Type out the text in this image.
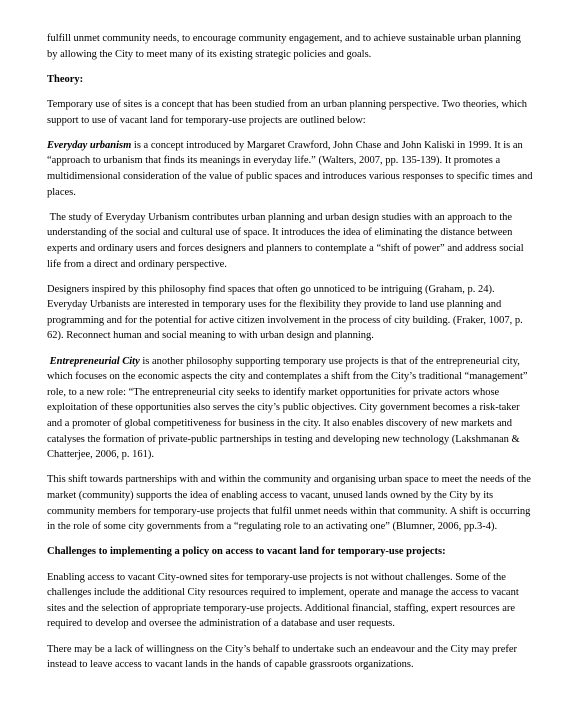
fulfill unmet community needs, to encourage community engagement, and to achieve sustainable urban planning by allowing the City to meet many of its existing strategic policies and goals.

Theory:

Temporary use of sites is a concept that has been studied from an urban planning perspective. Two theories, which support to use of vacant land for temporary-use projects are outlined below:

Everyday urbanism is a concept introduced by Margaret Crawford, John Chase and John Kaliski in 1999. It is an “approach to urbanism that finds its meanings in everyday life.” (Walters, 2007, pp. 135-139). It promotes a multidimensional consideration of the value of public spaces and introduces various responses to specific times and places.

The study of Everyday Urbanism contributes urban planning and urban design studies with an approach to the understanding of the social and cultural use of space. It introduces the idea of eliminating the distance between experts and ordinary users and forces designers and planners to contemplate a “shift of power” and address social life from a direct and ordinary perspective.

Designers inspired by this philosophy find spaces that often go unnoticed to be intriguing (Graham, p. 24). Everyday Urbanists are interested in temporary uses for the flexibility they provide to land use planning and programming and for the potential for active citizen involvement in the process of city building. (Fraker, 1007, p. 62). Reconnect human and social meaning to with urban design and planning.

Entrepreneurial City is another philosophy supporting temporary use projects is that of the entrepreneurial city, which focuses on the economic aspects the city and contemplates a shift from the City’s traditional “management” role, to a new role: “The entrepreneurial city seeks to identify market opportunities for private actors whose exploitation of these opportunities also serves the city’s public objectives. City government becomes a risk-taker and a promoter of global competitiveness for business in the city. It also enables discovery of new markets and catalyses the formation of private-public partnerships in testing and developing new technology (Lakshmanan & Chatterjee, 2006, p. 161).

This shift towards partnerships with and within the community and organising urban space to meet the needs of the market (community) supports the idea of enabling access to vacant, unused lands owned by the City by its community members for temporary-use projects that fulfil unmet needs within that community. A shift is occurring in the role of some city governments from a “regulating role to an activating one” (Blumner, 2006, pp.3-4).

Challenges to implementing a policy on access to vacant land for temporary-use projects:

Enabling access to vacant City-owned sites for temporary-use projects is not without challenges. Some of the challenges include the additional City resources required to implement, operate and manage the access to vacant sites and the selection of appropriate temporary-use projects. Additional financial, staffing, expert resources are required to develop and oversee the administration of a database and user requests.

There may be a lack of willingness on the City’s behalf to undertake such an endeavour and the City may prefer instead to leave access to vacant lands in the hands of capable grassroots organizations.
